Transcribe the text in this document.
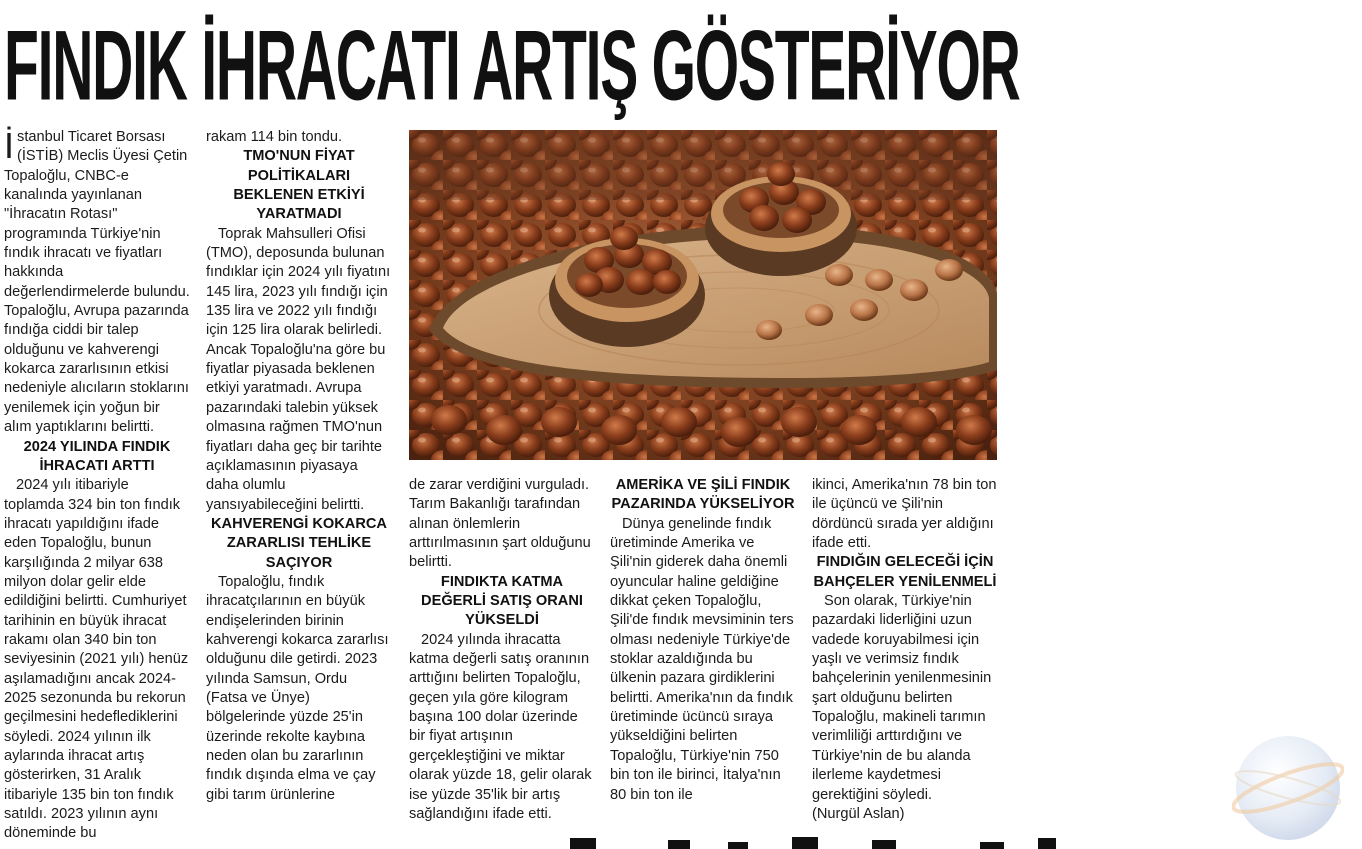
FINDIK İHRACATI ARTIŞ GÖSTERİYOR

İstanbul Ticaret Borsası (İSTİB) Meclis Üyesi Çetin Topaloğlu, CNBC-e kanalında yayınlanan "İhracatın Rotası" programında Türkiye'nin fındık ihracatı ve fiyatları hakkında değerlendirmelerde bulundu. Topaloğlu, Avrupa pazarında fındığa ciddi bir talep olduğunu ve kahverengi kokarca zararlısının etkisi nedeniyle alıcıların stoklarını yenilemek için yoğun bir alım yaptıklarını belirtti.

2024 YILINDA FINDIK İHRACATI ARTTI

2024 yılı itibariyle toplamda 324 bin ton fındık ihracatı yapıldığını ifade eden Topaloğlu, bunun karşılığında 2 milyar 638 milyon dolar gelir elde edildiğini belirtti. Cumhuriyet tarihinin en büyük ihracat rakamı olan 340 bin ton seviyesinin (2021 yılı) henüz aşılamadığını ancak 2024-2025 sezonunda bu rekorun geçilmesini hedeflediklerini söyledi. 2024 yılının ilk aylarında ihracat artış gösterirken, 31 Aralık itibariyle 135 bin ton fındık satıldı. 2023 yılının aynı döneminde bu

rakam 114 bin tondu.

TMO'NUN FİYAT POLİTİKALARI BEKLENEN ETKİYİ YARATMADI

Toprak Mahsulleri Ofisi (TMO), deposunda bulunan fındıklar için 2024 yılı fiyatını 145 lira, 2023 yılı fındığı için 135 lira ve 2022 yılı fındığı için 125 lira olarak belirledi. Ancak Topaloğlu'na göre bu fiyatlar piyasada beklenen etkiyi yaratmadı. Avrupa pazarındaki talebin yüksek olmasına rağmen TMO'nun fiyatları daha geç bir tarihte açıklamasının piyasaya daha olumlu yansıyabileceğini belirtti.

KAHVERENGİ KOKARCA ZARARLISI TEHLİKE SAÇIYOR

Topaloğlu, fındık ihracatçılarının en büyük endişelerinden birinin kahverengi kokarca zararlısı olduğunu dile getirdi. 2023 yılında Samsun, Ordu (Fatsa ve Ünye) bölgelerinde yüzde 25'in üzerinde rekolte kaybına neden olan bu zararlının fındık dışında elma ve çay gibi tarım ürünlerine

de zarar verdiğini vurguladı. Tarım Bakanlığı tarafından alınan önlemlerin arttırılmasının şart olduğunu belirtti.

FINDIKTA KATMA DEĞERLİ SATIŞ ORANI YÜKSELDİ

2024 yılında ihracatta katma değerli satış oranının arttığını belirten Topaloğlu, geçen yıla göre kilogram başına 100 dolar üzerinde bir fiyat artışının gerçekleştiğini ve miktar olarak yüzde 18, gelir olarak ise yüzde 35'lik bir artış sağlandığını ifade etti.

AMERİKA VE ŞİLİ FINDIK PAZARINDA YÜKSELİYOR

Dünya genelinde fındık üretiminde Amerika ve Şili'nin giderek daha önemli oyuncular haline geldiğine dikkat çeken Topaloğlu, Şili'de fındık mevsiminin ters olması nedeniyle Türkiye'de stoklar azaldığında bu ülkenin pazara girdiklerini belirtti. Amerika'nın da fındık üretiminde ücüncü sıraya yükseldiğini belirten Topaloğlu, Türkiye'nin 750 bin ton ile birinci, İtalya'nın 80 bin ton ile

ikinci, Amerika'nın 78 bin ton ile üçüncü ve Şili'nin dördüncü sırada yer aldığını ifade etti.

FINDIĞIN GELECEĞİ İÇİN BAHÇELER YENİLENMELİ

Son olarak, Türkiye'nin pazardaki liderliğini uzun vadede koruyabilmesi için yaşlı ve verimsiz fındık bahçelerinin yenilenmesinin şart olduğunu belirten Topaloğlu, makineli tarımın verimliliği arttırdığını ve Türkiye'nin de bu alanda ilerleme kaydetmesi gerektiğini söyledi.

(Nurgül Aslan)
